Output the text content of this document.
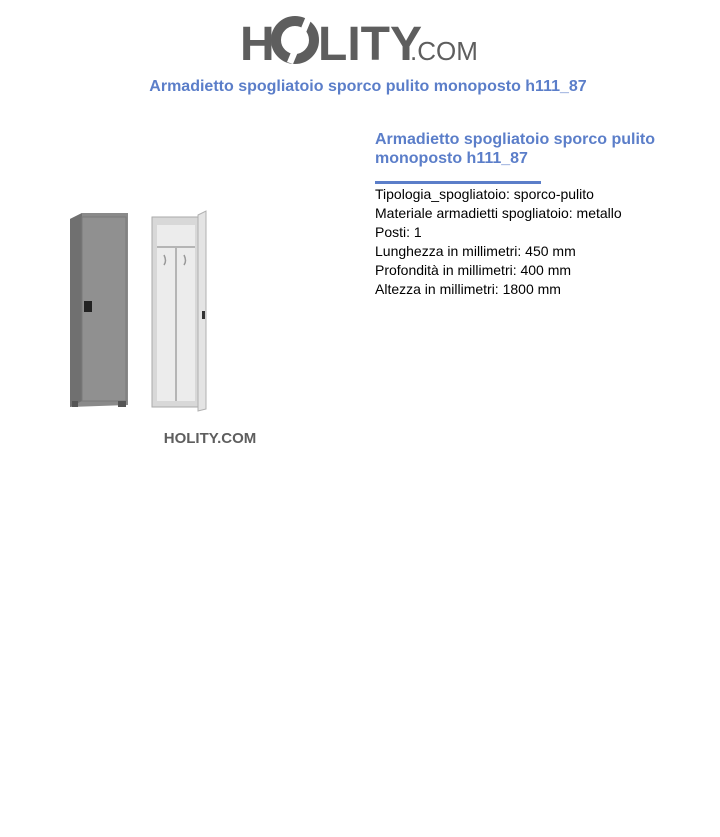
H LITY
.COM
Armadietto spogliatoio sporco pulito monoposto h111_87
HOLITY.COM
Armadietto spogliatoio sporco pulito monoposto h111_87
Tipologia_spogliatoio: sporco-pulito
Materiale armadietti spogliatoio: metallo
Posti: 1
Lunghezza in millimetri: 450 mm
Profondità in millimetri: 400 mm
Altezza in millimetri: 1800 mm
